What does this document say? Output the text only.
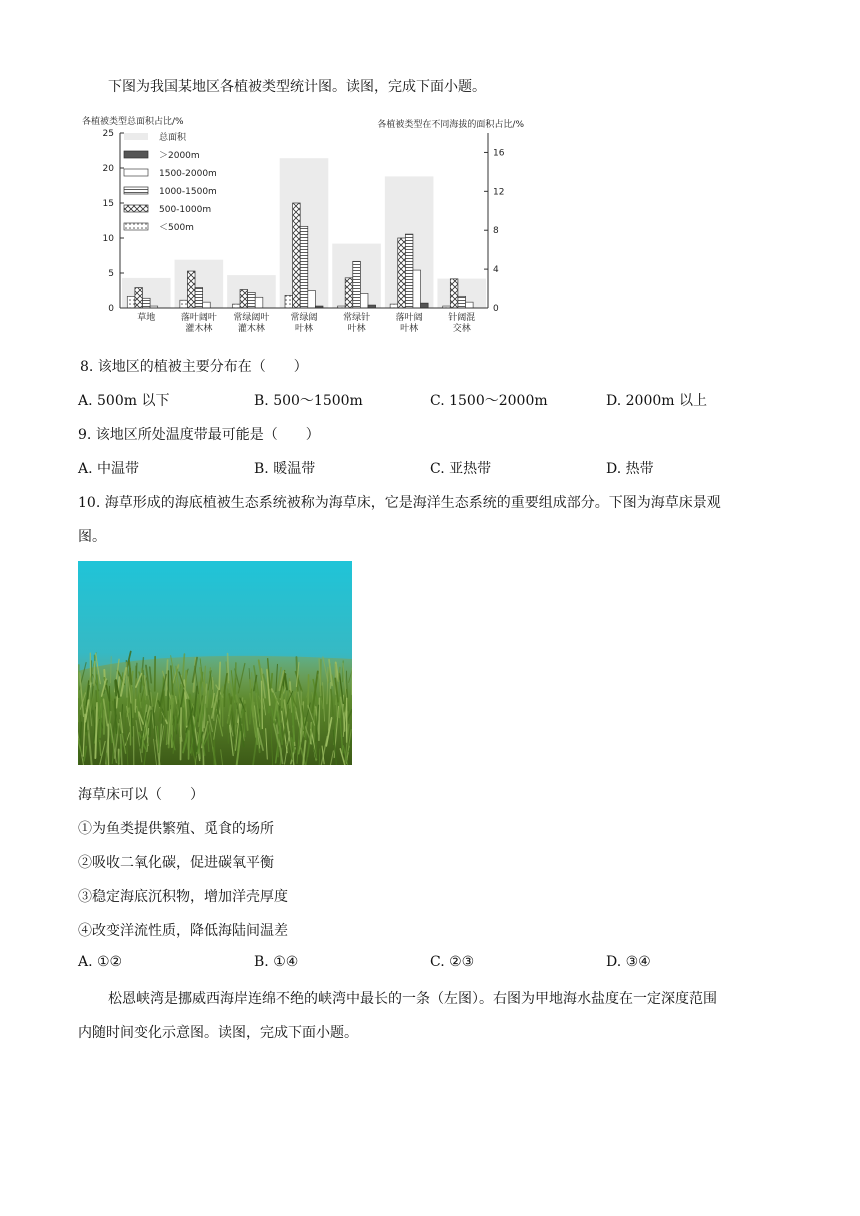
下图为我国某地区各植被类型统计图。读图，完成下面小题。
各植被类型总面积占比/%	各植被类型在不同海拔的面积占比/%
0
5
10
15
20
25
0
4
8
12
16
总面积
＞2000m
1500-2000m
1000-1500m
500-1000m
＜500m
草地	落叶阔叶
灌木林
常绿阔叶
灌木林
常绿阔
叶林
常绿针
叶林
落叶阔
叶林
针阔混
交林
8. 该地区的植被主要分布在（　　）
A. 500m 以下	B. 500～1500m	C. 1500～2000m	D. 2000m 以上
9. 该地区所处温度带最可能是（　　）
A. 中温带	B. 暖温带	C. 亚热带	D. 热带
10. 海草形成的海底植被生态系统被称为海草床，它是海洋生态系统的重要组成部分。下图为海草床景观
图。
海草床可以（　　）
①为鱼类提供繁殖、觅食的场所
②吸收二氧化碳，促进碳氧平衡
③稳定海底沉积物，增加洋壳厚度
④改变洋流性质，降低海陆间温差
A. ①②	B. ①④	C. ②③	D. ③④
松恩峡湾是挪威西海岸连绵不绝的峡湾中最长的一条（左图）。右图为甲地海水盐度在一定深度范围
内随时间变化示意图。读图，完成下面小题。
